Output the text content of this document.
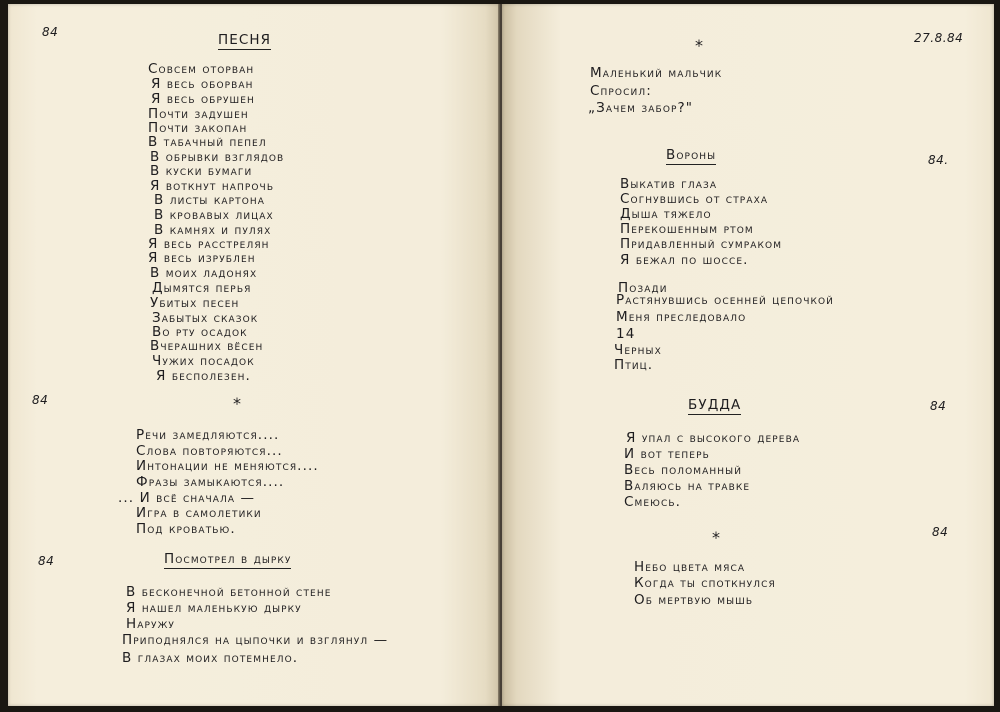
84	ПЕСНЯ
Совсем оторван
Я весь оборван
Я весь обрушен
Почти задушен
Почти закопан
В табачный пепел
В обрывки взглядов
В куски бумаги
Я воткнут напрочь
В листы картона
В кровавых лицах
В камнях и пулях
Я весь расстрелян
Я весь изрублен
В моих ладонях
Дымятся перья
Убитых песен
Забытых сказок
Во рту осадок
Вчерашних вёсен
Чужих посадок
Я бесполезен.
84	*
Речи замедляются....
Слова повторяются...
Интонации не меняются....
Фразы замыкаются....
... И всё сначала —
Игра в самолетики
Под кроватью.
84	Посмотрел в дырку
В бесконечной бетонной стене
Я нашел маленькую дырку
Наружу
Приподнялся на цыпочки и взглянул —
В глазах моих потемнело.
27.8.84
*
Маленький мальчик
Спросил:
„Зачем забор?"
Вороны	84.
Выкатив глаза
Согнувшись от страха
Дыша тяжело
Перекошенным ртом
Придавленный сумраком
Я бежал по шоссе.
Позади
Растянувшись осенней цепочкой
Меня преследовало
14
Черных
Птиц.
БУДДА	84
Я упал с высокого дерева
И вот теперь
Весь поломанный
Валяюсь на травке
Смеюсь.
*	84
Небо цвета мяса
Когда ты споткнулся
Об мертвую мышь
